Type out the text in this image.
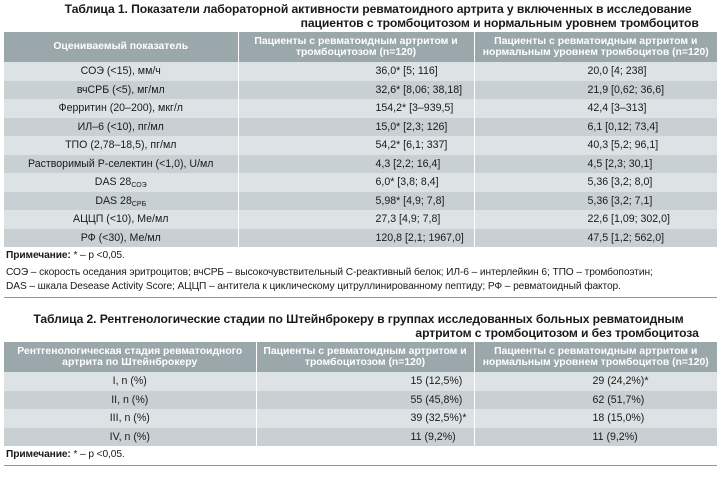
Таблица 1. Показатели лабораторной активности ревматоидного артрита у включенных в исследование
пациентов с тромбоцитозом и нормальным уровнем тромбоцитов
Оцениваемый показатель	Пациенты с ревматоидным артритом и тромбоцитозом (n=120)	Пациенты с ревматоидным артритом и нормальным уровнем тромбоцитов (n=120)
СОЭ (<15), мм/ч	36,0* [5; 116]	20,0 [4; 238]
вчСРБ (<5), мг/мл	32,6* [8,06; 38,18]	21,9 [0,62; 36,6]
Ферритин (20–200), мкг/л	154,2* [3–939,5]	42,4 [3–313]
ИЛ–6 (<10), пг/мл	15,0* [2,3; 126]	6,1 [0,12; 73,4]
ТПО (2,78–18,5), пг/мл	54,2* [6,1; 337]	40,3 [5,2; 96,1]
Растворимый Р-селектин (<1,0), U/мл	4,3 [2,2; 16,4]	4,5 [2,3; 30,1]
DAS $28_{СОЭ}$	6,0* [3,8; 8,4]	5,36 [3,2; 8,0]
DAS $28_{СРБ}$	5,98* [4,9; 7,8]	5,36 [3,2; 7,1]
АЦЦП (<10), Ме/мл	27,3 [4,9; 7,8]	22,6 [1,09; 302,0]
РФ (<30), Ме/мл	120,8 [2,1; 1967,0]	47,5 [1,2; 562,0]
Примечание: * – р <0,05.
СОЭ – скорость оседания эритроцитов; вчСРБ – высокочувствительный С-реактивный белок; ИЛ-6 – интерлейкин 6; ТПО – тромбопоэтин;
DAS – шкала Desease Activity Score; АЦЦП – антитела к циклическому цитруллинированному пептиду; РФ – ревматоидный фактор.
Таблица 2. Рентгенологические стадии по Штейнброкеру в группах исследованных больных ревматоидным
артритом с тромбоцитозом и без тромбоцитоза
Рентгенологическая стадия ревматоидного артрита по Штейнброкеру	Пациенты с ревматоидным артритом и тромбоцитозом (n=120)	Пациенты с ревматоидным артритом и нормальным уровнем тромбоцитов (n=120)
I, n (%)	15 (12,5%)	29 (24,2%)*
II, n (%)	55 (45,8%)	62 (51,7%)
III, n (%)	39 (32,5%)*	18 (15,0%)
IV, n (%)	11 (9,2%)	11 (9,2%)
Примечание: * – р <0,05.
